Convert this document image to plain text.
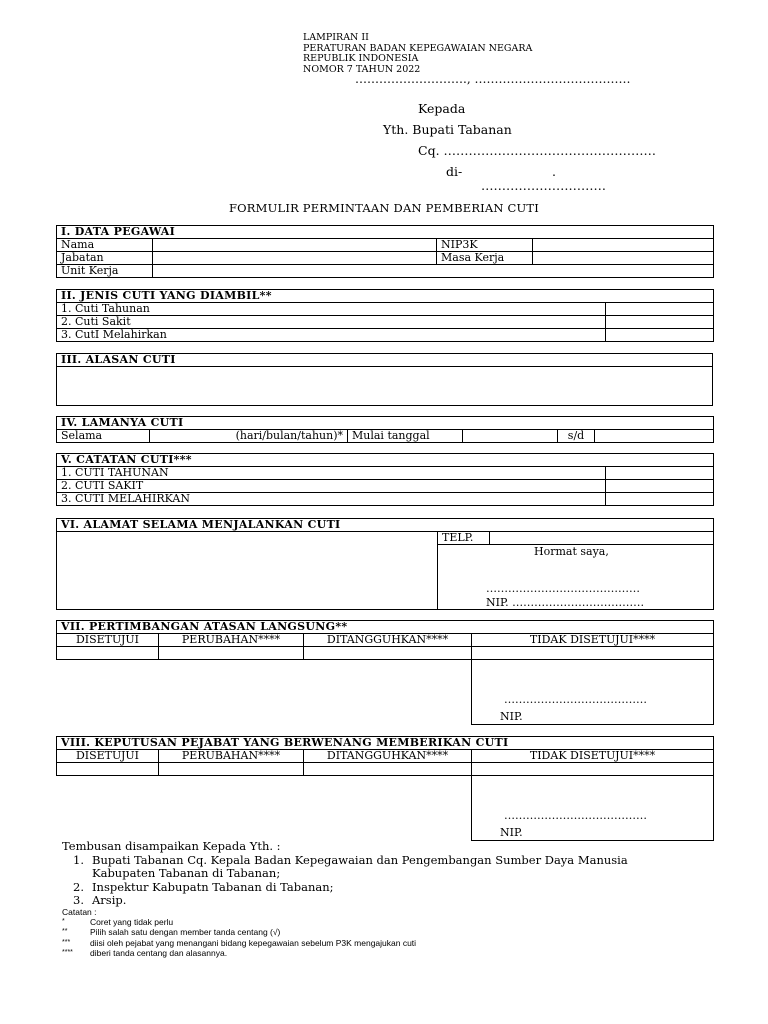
LAMPIRAN II
PERATURAN BADAN KEPEGAWAIAN NEGARA
REPUBLIK INDONESIA
NOMOR 7 TAHUN 2022
………………………., …………………………………
Kepada
Yth. Bupati Tabanan
Cq. ……………………………………………
di-	.
…………………………
FORMULIR PERMINTAAN DAN PEMBERIAN CUTI
I. DATA PEGAWAI			
Nama		NIP3K	
Jabatan		Masa Kerja	
Unit Kerja			
II. JENIS CUTI YANG DIAMBIL**	
1. Cuti Tahunan	
2. Cuti Sakit	
3. CutI Melahirkan	
III. ALASAN CUTI

IV. LAMANYA CUTI
Selama	(hari/bulan/tahun)*	Mulai tanggal		s/d	
V. CATATAN CUTI***	
1. CUTI TAHUNAN	
2. CUTI SAKIT	
3. CUTI MELAHIRKAN	
VI. ALAMAT SELAMA MENJALANKAN CUTI
	TELP.	

Hormat saya,
……………………………………
NIP. ………………………………
VII. PERTIMBANGAN ATASAN LANGSUNG**			
DISETUJUI	PERUBAHAN****	DITANGGUHKAN****	TIDAK DISETUJUI****

			…………………………………
NIP.
VIII. KEPUTUSAN PEJABAT YANG BERWENANG MEMBERIKAN CUTI			
DISETUJUI	PERUBAHAN****	DITANGGUHKAN****	TIDAK DISETUJUI****

			…………………………………
NIP.
Tembusan disampaikan Kepada Yth. :
1. Bupati Tabanan Cq. Kepala Badan Kepegawaian dan Pengembangan Sumber Daya Manusia
Kabupaten Tabanan di Tabanan;
2. Inspektur Kabupatn Tabanan di Tabanan;
3. Arsip.
Catatan :
*	Coret yang tidak perlu
**	Pilih salah satu dengan member tanda centang (√)
***	diisi oleh pejabat yang menangani bidang kepegawaian sebelum P3K mengajukan cuti
****	diberi tanda centang dan alasannya.
